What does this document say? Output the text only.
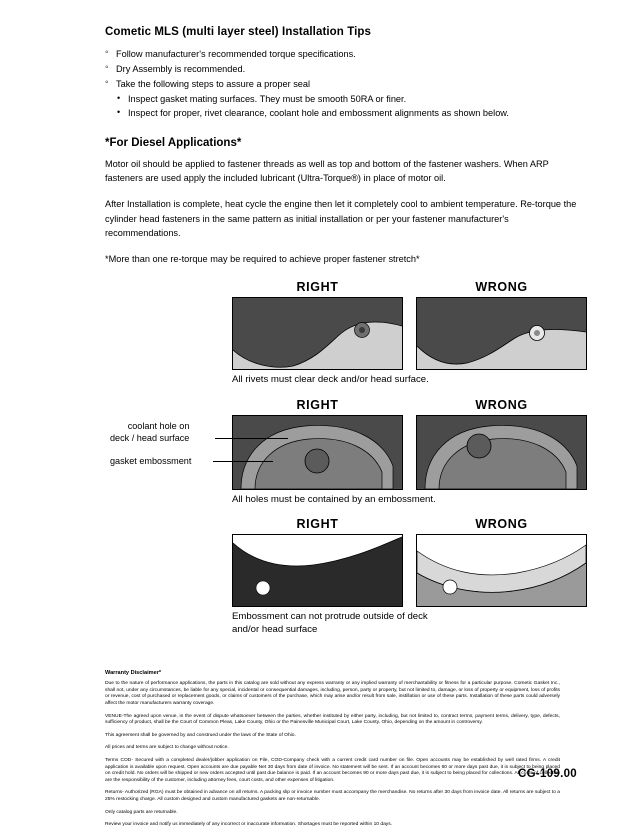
Cometic MLS (multi layer steel) Installation Tips
◦ Follow manufacturer's recommended torque specifications.
◦ Dry Assembly is recommended.
◦ Take the following steps to assure a proper seal
• Inspect gasket mating surfaces. They must be smooth 50RA or finer.
• Inspect for proper, rivet clearance, coolant hole and embossment alignments as shown below.
*For Diesel Applications*

Motor oil should be applied to fastener threads as well as top and bottom of the fastener washers. When ARP fasteners are used apply the included lubricant (Ultra-Torque®) in place of motor oil.

After Installation is complete, heat cycle the engine then let it completely cool to ambient temperature. Re-torque the cylinder head fasteners in the same pattern as initial installation or per your fastener manufacturer's recommendations.

*More than one re-torque may be required to achieve proper fastener stretch*

RIGHT	WRONG

All rivets must clear deck and/or head surface.

RIGHT	WRONG

All holes must be contained by an embossment.

coolant hole on
deck / head surface
gasket embossment
RIGHT	WRONG

Embossment can not protrude outside of deck

and/or head surface

Warranty Disclaimer*

Due to the nature of performance applications, the parts in this catalog are sold without any express warranty or any implied warranty of merchantability or fitness for a particular purpose. Cometic Gasket Inc., shall not, under any circumstances, be liable for any special, incidental or consequential damages, including, person, party or property, but not limited to, damage, or loss of property or equipment, loss of profits or revenue, cost of purchased or replacement goods, or claims of customers of the purchase, which may arise and/or result from sale, instillation or use of these parts. Installation of these parts could adversely affect the motor manufacturers warranty coverage.

VENUE-The agreed upon venue, in the event of dispute whatsoever between the parties, whether instituted by either party, including, but not limited to, contract terms, payment terms, delivery, type, defects, sufficiency of product, shall be the Court of Common Pleas, Lake County, Ohio or the Painesville Municipal Court, Lake County, Ohio, depending on the amount in controversy.

This agreement shall be governed by and construed under the laws of the State of Ohio.

All prices and terms are subject to change without notice.

Terms COD- Secured with a completed dealer/jobber application on File, COD-Company check with a current credit card number on file. Open accounts may be established by well rated firms. A credit application is available upon request. Open accounts are due payable Net 30 days from date of invoice. No statement will be sent. If an account becomes 60 or more days past due, it is subject to being placed on credit hold. No orders will be shipped or new orders accepted until past due balance is paid. If an account becomes 90 or more days past due, it is subject to being placed for collections. All costs of collection are the responsibility of the customer, including attorney fees, court costs, and other expenses of litigation.

Returns- Authorized (RGA) must be obtained in advance on all returns. A packing slip or invoice number must accompany the merchandise. No returns after 30 days from invoice date. All returns are subject to a 25% restocking charge. All custom designed and custom manufactured gaskets are non-returnable.

Only catalog parts are returnable.

Review your invoice and notify us immediately of any incorrect or inaccurate information. Shortages must be reported within 10 days.

CG-109.00
